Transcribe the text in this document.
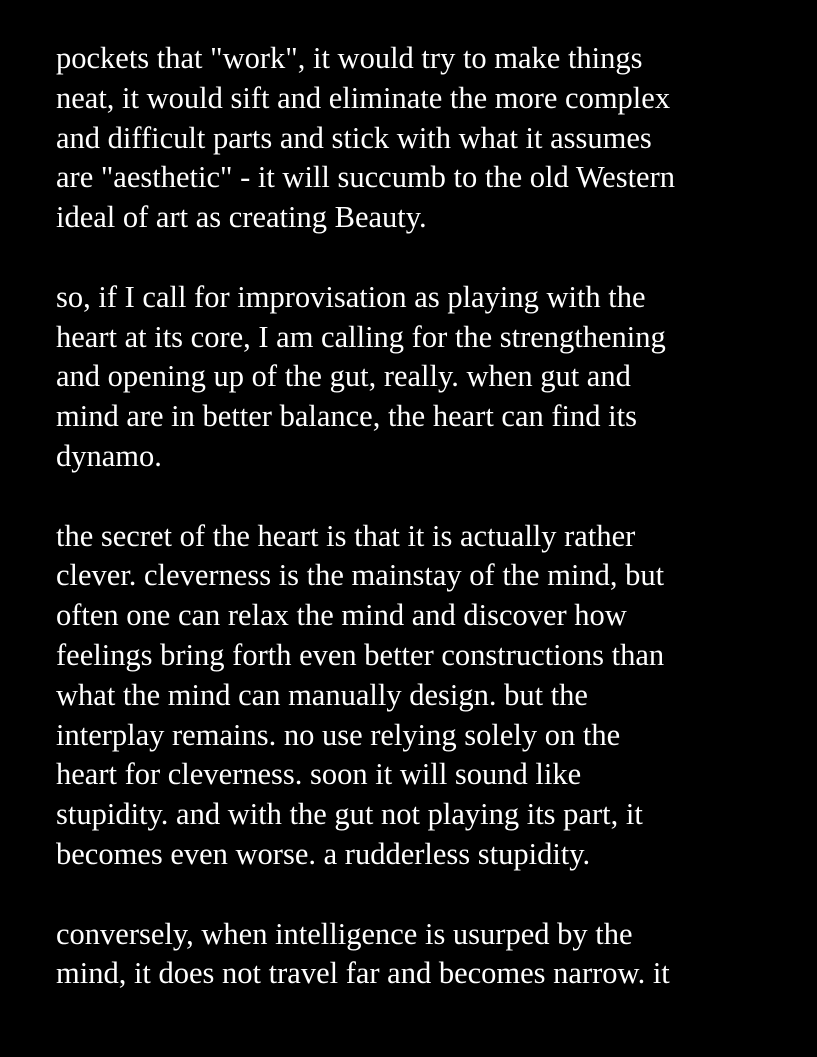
pockets that "work", it would try to make things
neat, it would sift and eliminate the more complex
and difficult parts and stick with what it assumes
are "aesthetic" - it will succumb to the old Western
ideal of art as creating Beauty.

so, if I call for improvisation as playing with the
heart at its core, I am calling for the strengthening
and opening up of the gut, really. when gut and
mind are in better balance, the heart can find its
dynamo.

the secret of the heart is that it is actually rather
clever. cleverness is the mainstay of the mind, but
often one can relax the mind and discover how
feelings bring forth even better constructions than
what the mind can manually design. but the
interplay remains. no use relying solely on the
heart for cleverness. soon it will sound like
stupidity. and with the gut not playing its part, it
becomes even worse. a rudderless stupidity.

conversely, when intelligence is usurped by the
mind, it does not travel far and becomes narrow. it
